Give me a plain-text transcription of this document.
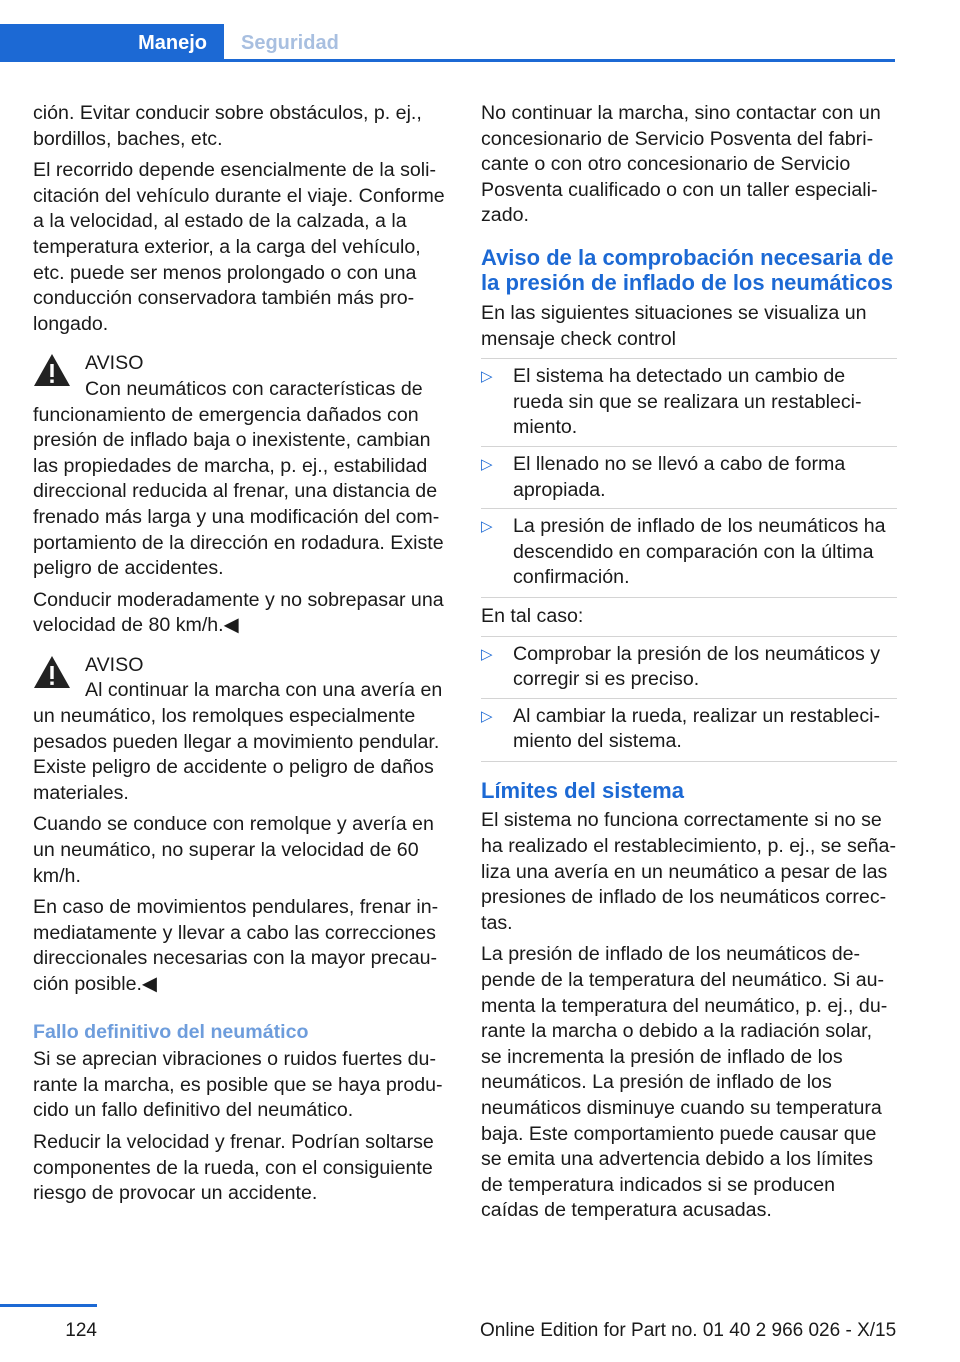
Manejo	Seguridad

ción. Evitar conducir sobre obstáculos, p. ej., bordillos, baches, etc.

El recorrido depende esencialmente de la solicitación del vehículo durante el viaje. Conforme a la velocidad, al estado de la calzada, a la temperatura exterior, a la carga del vehículo, etc. puede ser menos prolongado o con una conducción conservadora también más prolongado.

AVISO
Con neumáticos con características de
funcionamiento de emergencia dañados con presión de inflado baja o inexistente, cambian las propiedades de marcha, p. ej., estabilidad direccional reducida al frenar, una distancia de frenado más larga y una modificación del comportamiento de la dirección en rodadura. Existe peligro de accidentes.

Conducir moderadamente y no sobrepasar una velocidad de 80 km/h.◀

AVISO
Al continuar la marcha con una avería en
un neumático, los remolques especialmente pesados pueden llegar a movimiento pendular. Existe peligro de accidente o peligro de daños materiales.

Cuando se conduce con remolque y avería en un neumático, no superar la velocidad de 60 km/h.

En caso de movimientos pendulares, frenar inmediatamente y llevar a cabo las correcciones direccionales necesarias con la mayor precaución posible.◀

Fallo definitivo del neumático

Si se aprecian vibraciones o ruidos fuertes durante la marcha, es posible que se haya producido un fallo definitivo del neumático.

Reducir la velocidad y frenar. Podrían soltarse componentes de la rueda, con el consiguiente riesgo de provocar un accidente.

No continuar la marcha, sino contactar con un concesionario de Servicio Posventa del fabricante o con otro concesionario de Servicio Posventa cualificado o con un taller especializado.

Aviso de la comprobación necesaria de la presión de inflado de los neumáticos

En las siguientes situaciones se visualiza un mensaje check control

▷ El sistema ha detectado un cambio de rueda sin que se realizara un restablecimiento.
▷ El llenado no se llevó a cabo de forma apropiada.
▷ La presión de inflado de los neumáticos ha descendido en comparación con la última confirmación.

En tal caso:

▷ Comprobar la presión de los neumáticos y corregir si es preciso.
▷ Al cambiar la rueda, realizar un restablecimiento del sistema.
Límites del sistema

El sistema no funciona correctamente si no se ha realizado el restablecimiento, p. ej., se señaliza una avería en un neumático a pesar de las presiones de inflado de los neumáticos correctas.

La presión de inflado de los neumáticos depende de la temperatura del neumático. Si aumenta la temperatura del neumático, p. ej., durante la marcha o debido a la radiación solar, se incrementa la presión de inflado de los neumáticos. La presión de inflado de los neumáticos disminuye cuando su temperatura baja. Este comportamiento puede causar que se emita una advertencia debido a los límites de temperatura indicados si se producen caídas de temperatura acusadas.

124	Online Edition for Part no. 01 40 2 966 026 - X/15
